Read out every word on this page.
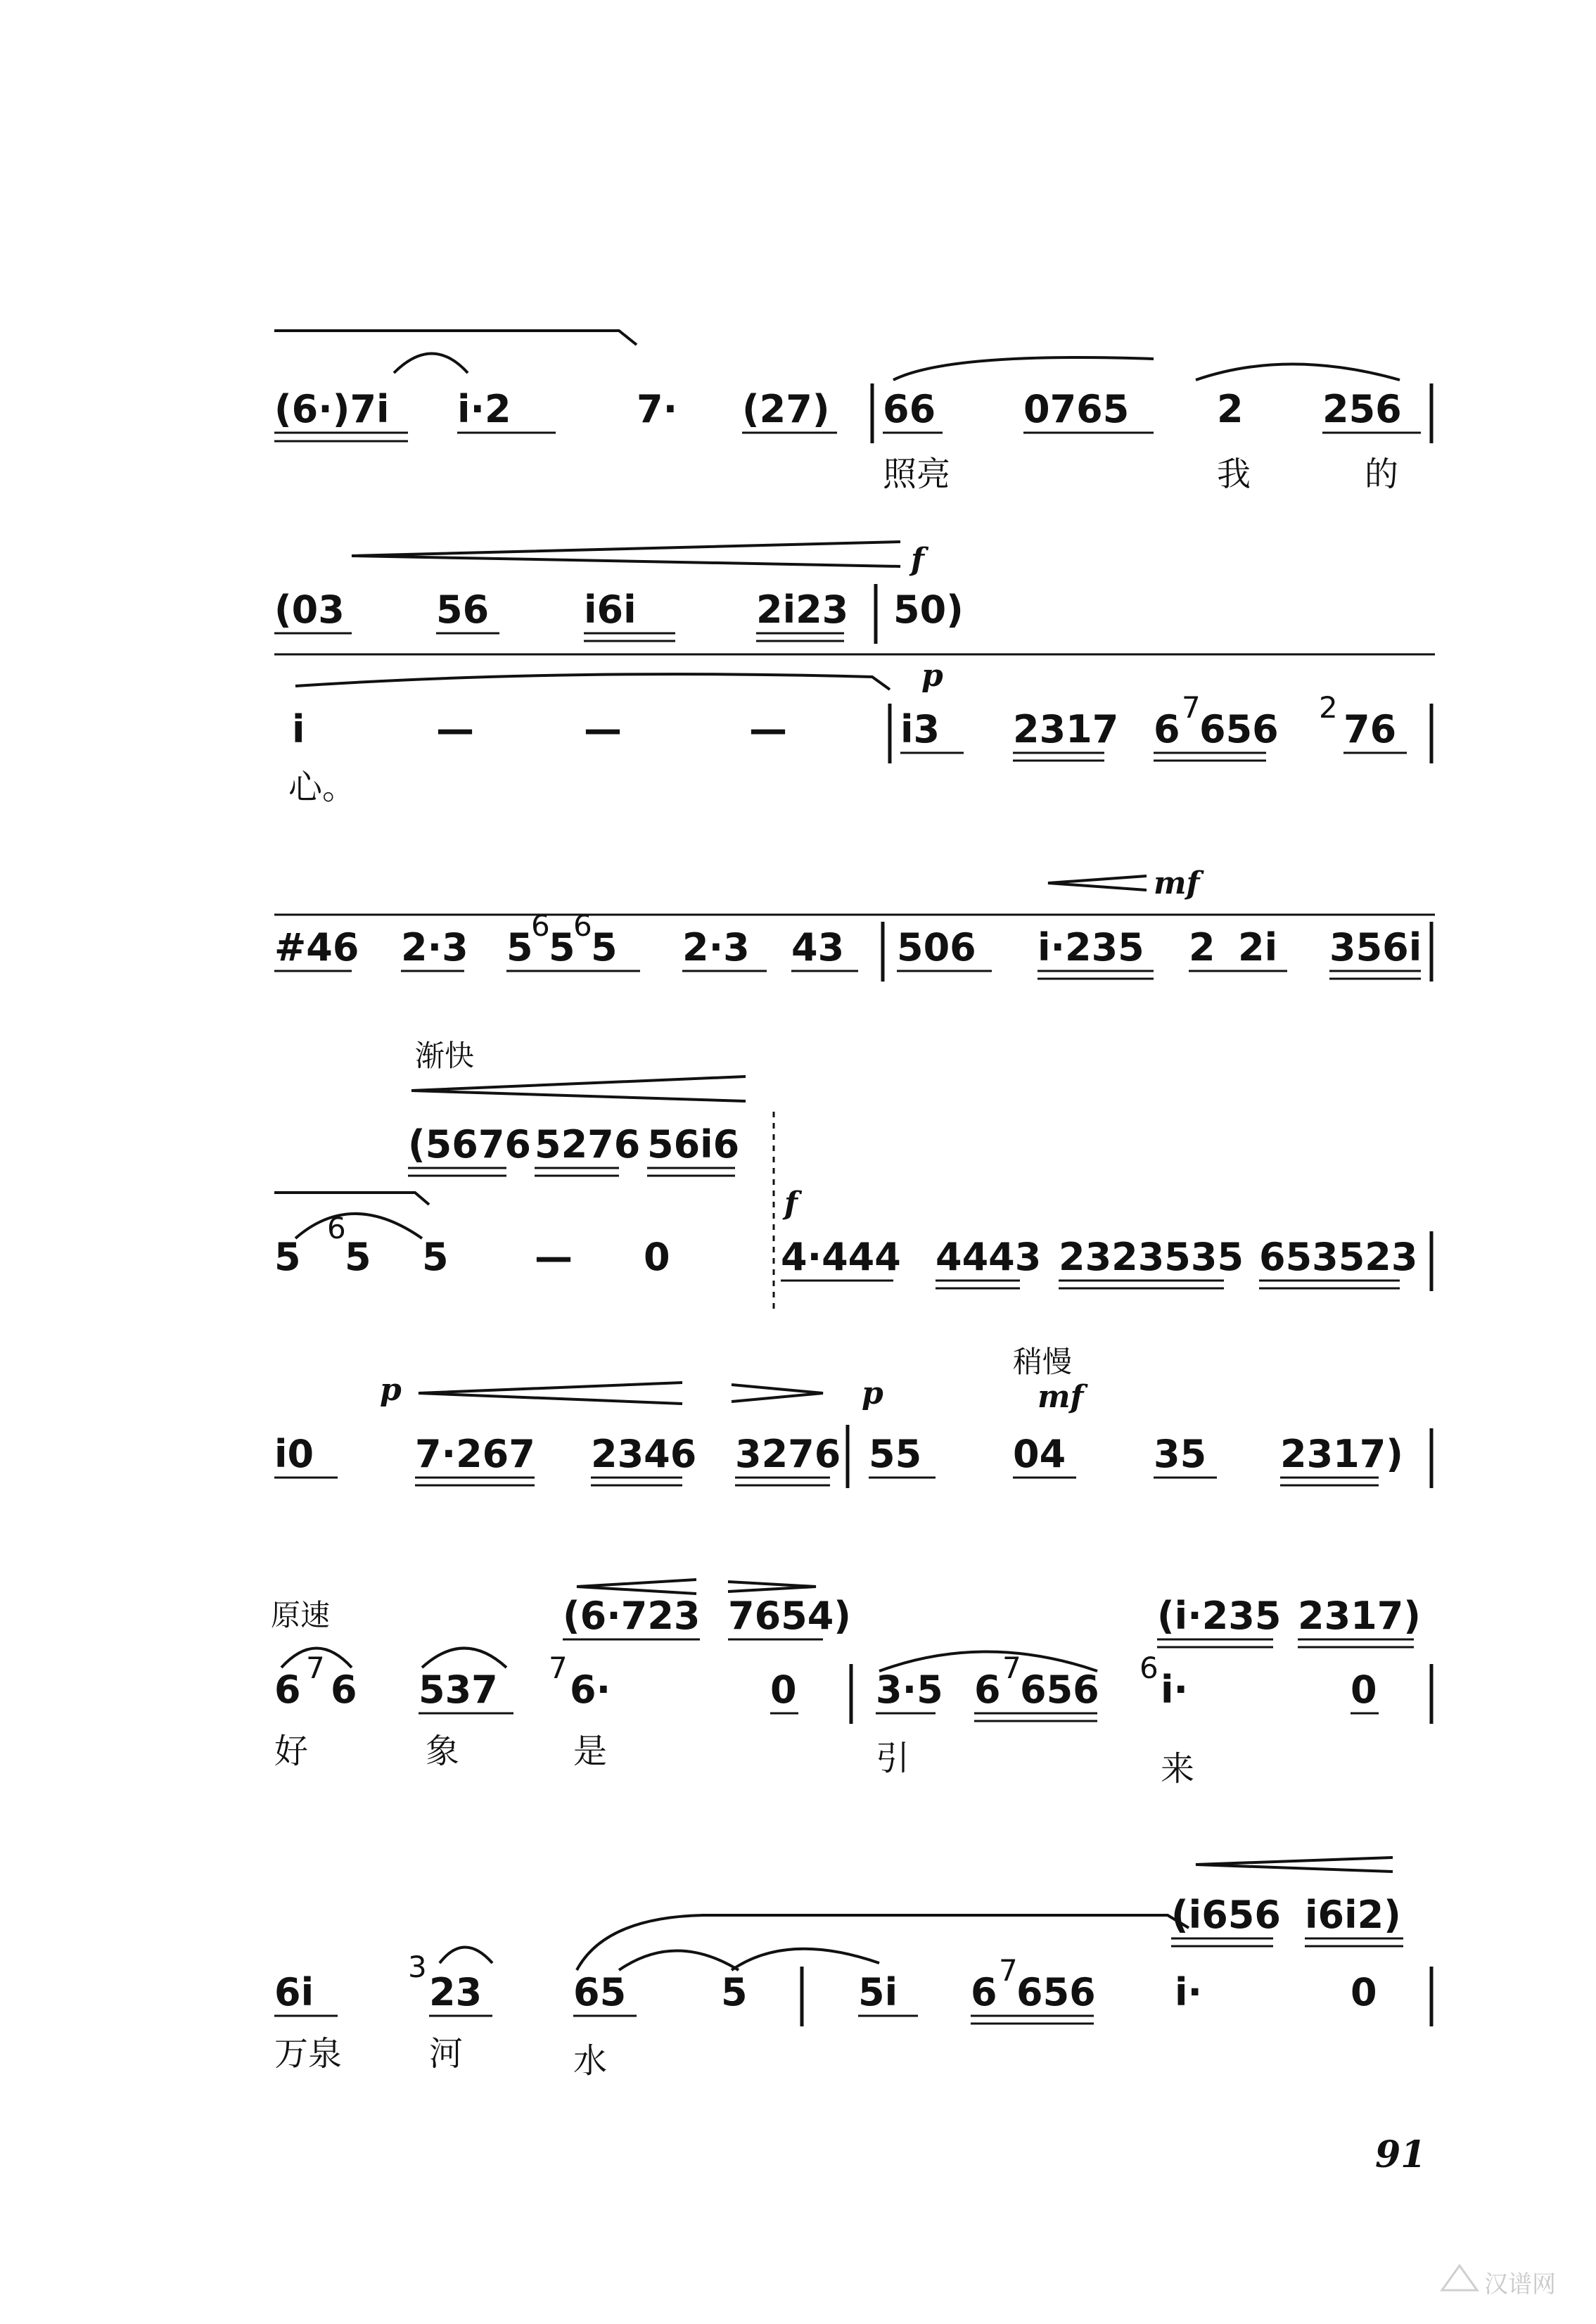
(6·)7i i·2	7· (27) 66 0765 2 256
照亮	我	的
f
(03 56 i6i	2i23 50)
p
i	—	—	—	i3 2317 6 7
656 2 76
心。
mf
#46 2·3 5
6
5
6
5 2·3 43 506 i·235 2 2i 356i
渐快
(5676 5276 56i6
f
5
6
5 5 — 0	4·444 4443 2323535 653523
稍慢
p	p	mf
i0	7·267 2346 3276 55 04 35 2317)
原速	(6·723 7654)	(i·235 2317)
6 7 6 537 7 6·	0 3·5 6 7
656 6 i·	0
好	象	是	引	来
(i656 i6i2)
6i
3
23 65 5	5i 6 7
656 i·	0
万泉	河	水
91
汉谱网
